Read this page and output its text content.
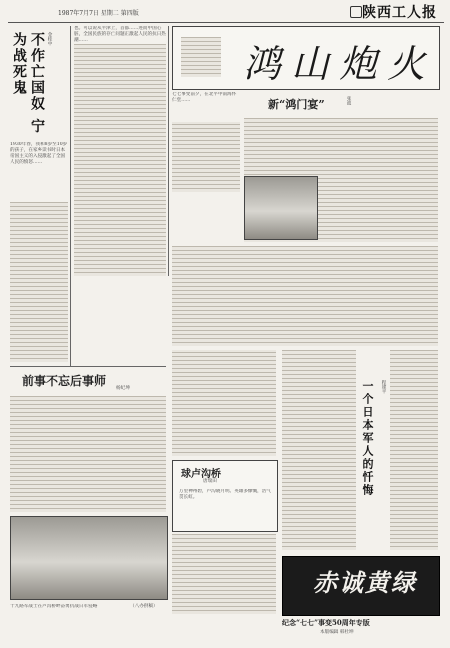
1987年7月7日 星期二 第四版	陕西工人报
不作亡国奴 宁为战死鬼	金桂中
1930年春，我和8岁至10岁的孩子，在家乡读书时日本帝国主义的入侵激起了全国人民的愤怒……
也。可以说从平津上，首都……进而中国心脏，全国民族的存亡问题正激起人民的抗日热潮……
鸿山炮火
新“鸿门宴”	张波
七七事变前夕，在北平中南海怀仁堂……
前事不忘后事师
杨纪坤
十九路军战士在卢沟桥畔奋勇抗战日军侵略	（八办供稿）
球卢沟桥
唐瑞田
万里神州碧，卢沟晓月明。英雄多慷慨，浩气贯长虹。
一个日本军人的忏悔 程建平
赤诚黄绿
纪念“七七”事变50周年专版
本版编辑 韩杜坤
